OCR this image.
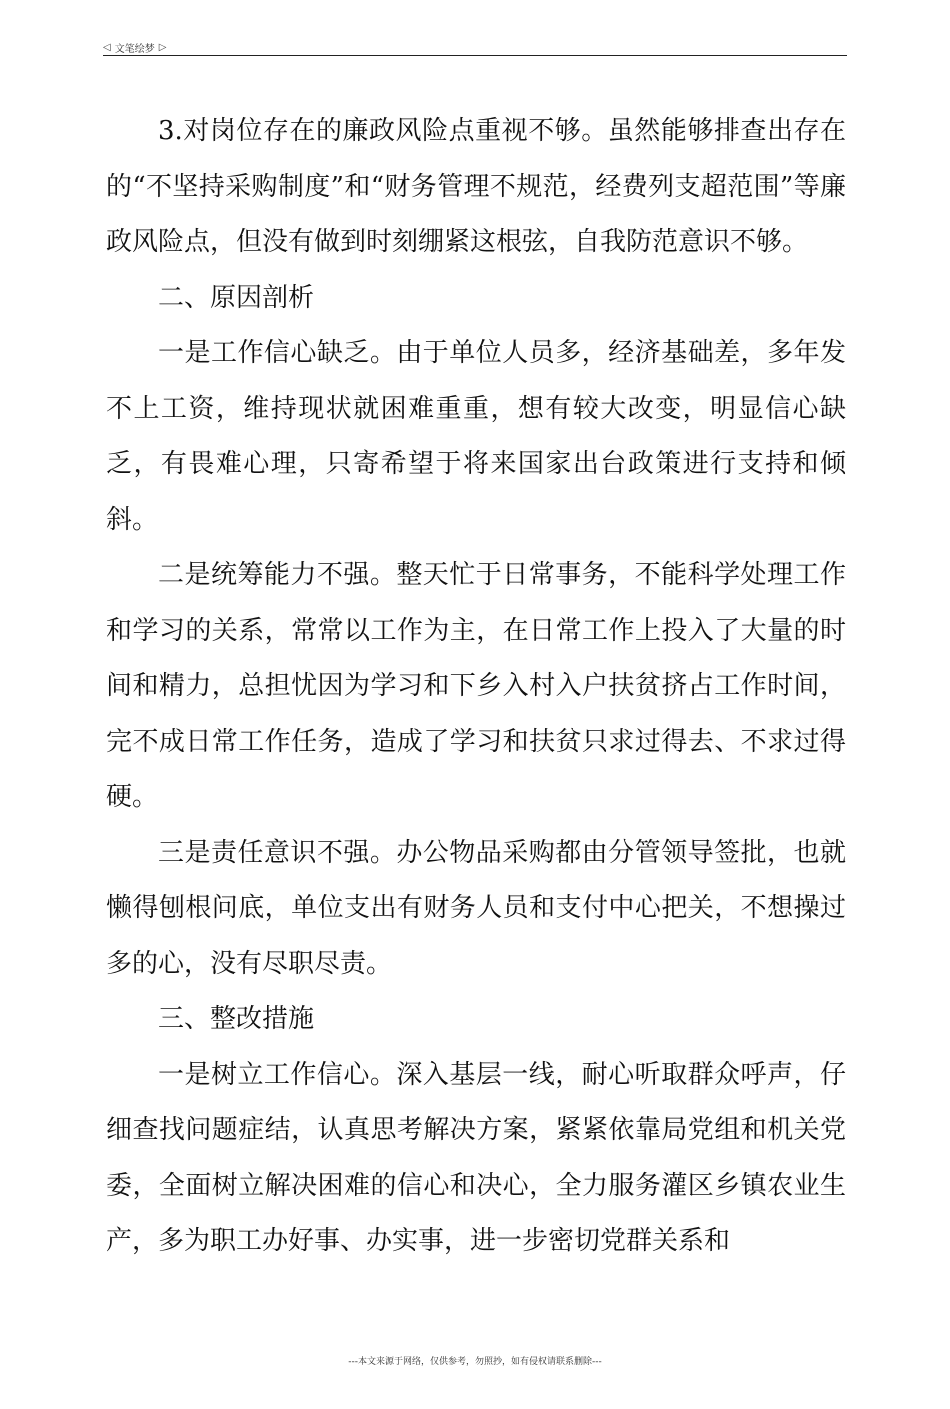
◁ 文笔绘梦 ▷

3.对岗位存在的廉政风险点重视不够。虽然能够排查出存在的“不坚持采购制度”和“财务管理不规范，经费列支超范围”等廉政风险点，但没有做到时刻绷紧这根弦，自我防范意识不够。

二、原因剖析

一是工作信心缺乏。由于单位人员多，经济基础差，多年发不上工资，维持现状就困难重重，想有较大改变，明显信心缺乏，有畏难心理，只寄希望于将来国家出台政策进行支持和倾斜。

二是统筹能力不强。整天忙于日常事务，不能科学处理工作和学习的关系，常常以工作为主，在日常工作上投入了大量的时间和精力，总担忧因为学习和下乡入村入户扶贫挤占工作时间，完不成日常工作任务，造成了学习和扶贫只求过得去、不求过得硬。

三是责任意识不强。办公物品采购都由分管领导签批，也就懒得刨根问底，单位支出有财务人员和支付中心把关，不想操过多的心，没有尽职尽责。

三、整改措施

一是树立工作信心。深入基层一线，耐心听取群众呼声，仔细查找问题症结，认真思考解决方案，紧紧依靠局党组和机关党委，全面树立解决困难的信心和决心，全力服务灌区乡镇农业生产，多为职工办好事、办实事，进一步密切党群关系和

---本文来源于网络，仅供参考，勿照抄，如有侵权请联系删除---
